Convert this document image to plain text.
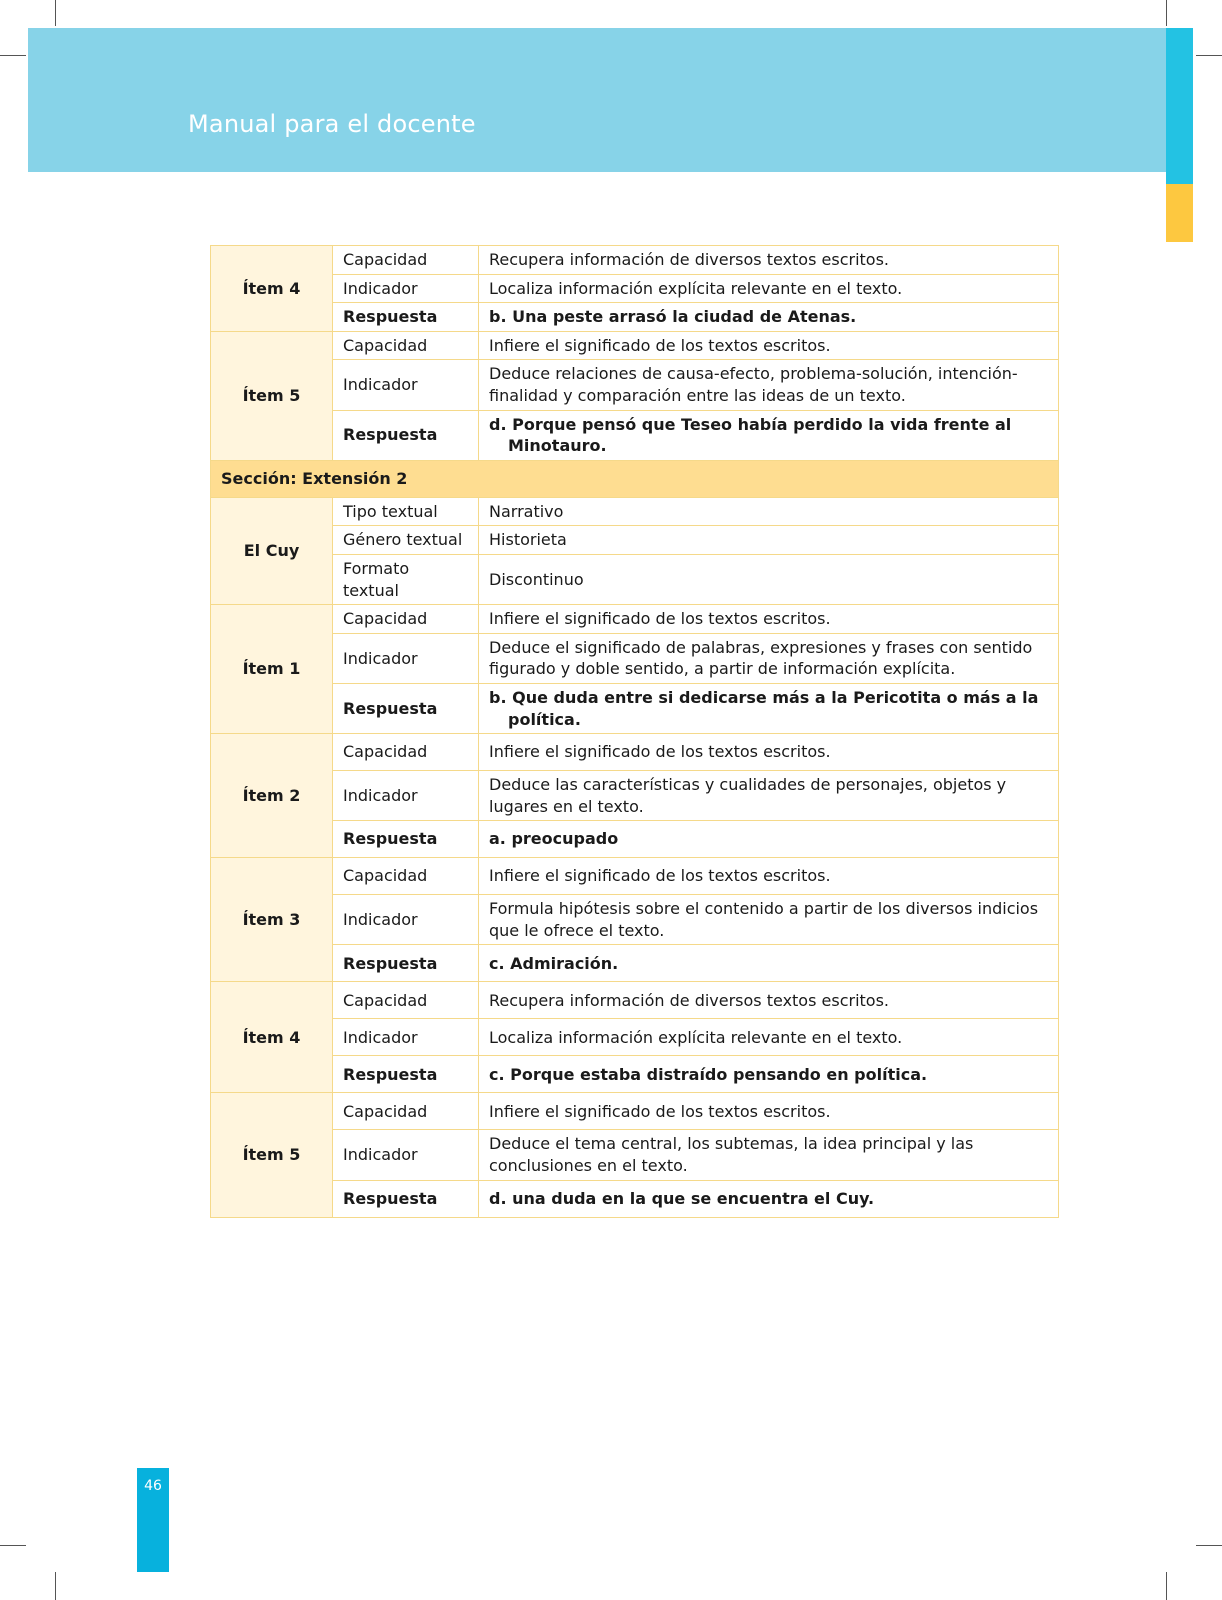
Manual para el docente
Ítem 4	Capacidad	Recupera información de diversos textos escritos.
	Indicador	Localiza información explícita relevante en el texto.
	Respuesta	b. Una peste arrasó la ciudad de Atenas.

Ítem 5	Capacidad	Infiere el significado de los textos escritos.
	Indicador	Deduce relaciones de causa-efecto, problema-solución, intención-finalidad y comparación entre las ideas de un texto.
	Respuesta	d. Porque pensó que Teseo había perdido la vida frente al Minotauro.

Sección: Extensión 2		
El Cuy	Tipo textual	Narrativo
	Género textual	Historieta
	Formato textual	Discontinuo
Ítem 1	Capacidad	Infiere el significado de los textos escritos.
	Indicador	Deduce el significado de palabras, expresiones y frases con sentido figurado y doble sentido, a partir de información explícita.
	Respuesta	b. Que duda entre si dedicarse más a la Pericotita o más a la política.

Ítem 2	Capacidad	Infiere el significado de los textos escritos.
	Indicador	Deduce las características y cualidades de personajes, objetos y lugares en el texto.
	Respuesta	a. preocupado

Ítem 3	Capacidad	Infiere el significado de los textos escritos.
	Indicador	Formula hipótesis sobre el contenido a partir de los diversos indicios que le ofrece el texto.
	Respuesta	c. Admiración.

Ítem 4	Capacidad	Recupera información de diversos textos escritos.
	Indicador	Localiza información explícita relevante en el texto.
	Respuesta	c. Porque estaba distraído pensando en política.

Ítem 5	Capacidad	Infiere el significado de los textos escritos.
	Indicador	Deduce el tema central, los subtemas, la idea principal y las conclusiones en el texto.
	Respuesta	d. una duda en la que se encuentra el Cuy.
46
